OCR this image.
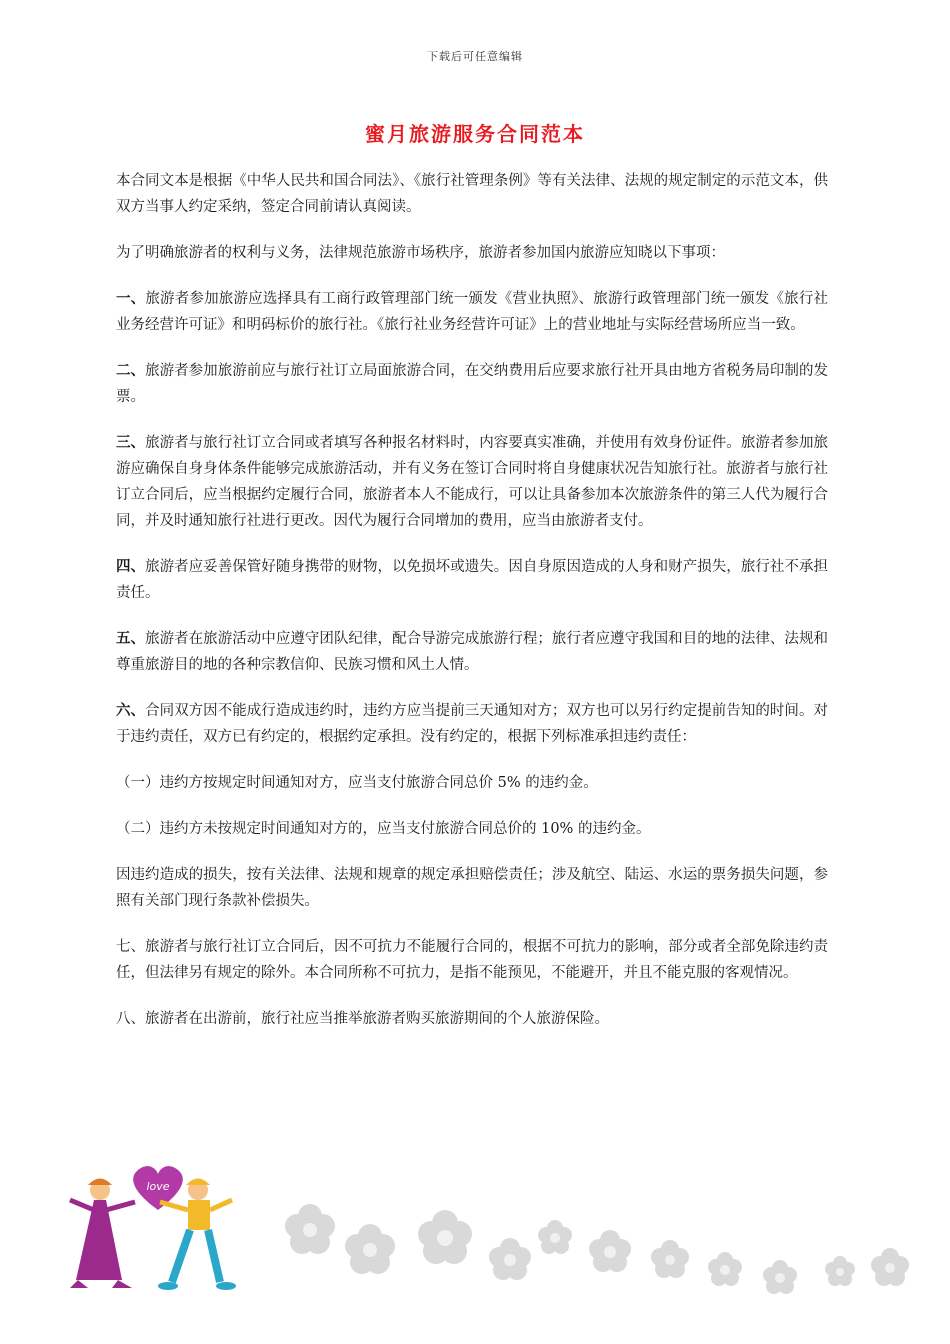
下载后可任意编辑
蜜月旅游服务合同范本

本合同文本是根据《中华人民共和国合同法》、《旅行社管理条例》等有关法律、法规的规定制定的示范文本，供双方当事人约定采纳，签定合同前请认真阅读。

为了明确旅游者的权利与义务，法律规范旅游市场秩序，旅游者参加国内旅游应知晓以下事项：

一、旅游者参加旅游应选择具有工商行政管理部门统一颁发《营业执照》、旅游行政管理部门统一颁发《旅行社业务经营许可证》和明码标价的旅行社。《旅行社业务经营许可证》上的营业地址与实际经营场所应当一致。

二、旅游者参加旅游前应与旅行社订立局面旅游合同，在交纳费用后应要求旅行社开具由地方省税务局印制的发票。

三、旅游者与旅行社订立合同或者填写各种报名材料时，内容要真实准确，并使用有效身份证件。旅游者参加旅游应确保自身身体条件能够完成旅游活动，并有义务在签订合同时将自身健康状况告知旅行社。旅游者与旅行社订立合同后，应当根据约定履行合同，旅游者本人不能成行，可以让具备参加本次旅游条件的第三人代为履行合同，并及时通知旅行社进行更改。因代为履行合同增加的费用，应当由旅游者支付。

四、旅游者应妥善保管好随身携带的财物，以免损坏或遗失。因自身原因造成的人身和财产损失，旅行社不承担责任。

五、旅游者在旅游活动中应遵守团队纪律，配合导游完成旅游行程；旅行者应遵守我国和目的地的法律、法规和尊重旅游目的地的各种宗教信仰、民族习惯和风土人情。

六、合同双方因不能成行造成违约时，违约方应当提前三天通知对方；双方也可以另行约定提前告知的时间。对于违约责任，双方已有约定的，根据约定承担。没有约定的，根据下列标准承担违约责任：

（一）违约方按规定时间通知对方，应当支付旅游合同总价 5% 的违约金。

（二）违约方未按规定时间通知对方的，应当支付旅游合同总价的 10% 的违约金。

因违约造成的损失，按有关法律、法规和规章的规定承担赔偿责任；涉及航空、陆运、水运的票务损失问题，参照有关部门现行条款补偿损失。

七、旅游者与旅行社订立合同后，因不可抗力不能履行合同的，根据不可抗力的影响，部分或者全部免除违约责任，但法律另有规定的除外。本合同所称不可抗力，是指不能预见，不能避开，并且不能克服的客观情况。

八、旅游者在出游前，旅行社应当推举旅游者购买旅游期间的个人旅游保险。

love
